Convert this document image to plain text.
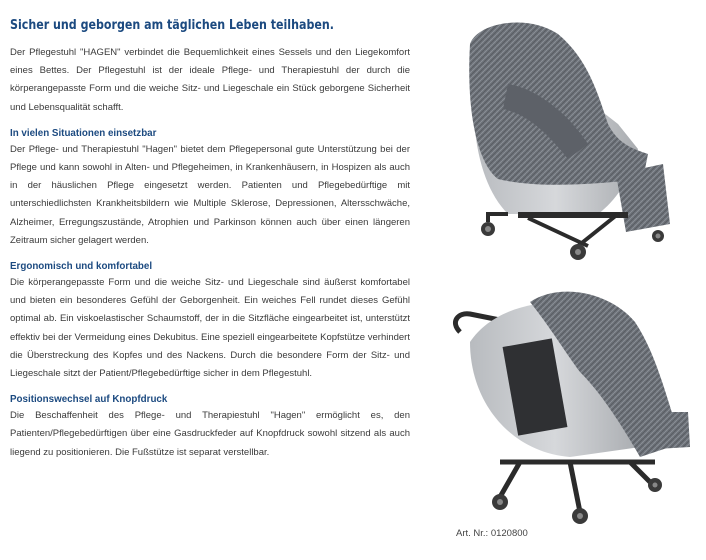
Sicher und geborgen am täglichen Leben teilhaben.

Der Pflegestuhl "HAGEN" verbindet die Bequemlichkeit eines Sessels und den Liegekomfort eines Bettes. Der Pflegestuhl ist der ideale Pflege- und Therapiestuhl der durch die körperangepasste Form und die weiche Sitz- und Liegeschale ein Stück geborgene Sicherheit und Lebensqualität schafft.

In vielen Situationen einsetzbar

Der Pflege- und Therapiestuhl "Hagen" bietet dem Pflegepersonal gute Unterstützung bei der Pflege und kann sowohl in Alten- und Pflegeheimen, in Krankenhäusern, in Hospizen als auch in der häuslichen Pflege eingesetzt werden. Patienten und Pflegebedürftige mit unterschiedlichsten Krankheitsbildern wie Multiple Sklerose, Depressionen, Altersschwäche, Alzheimer, Erregungszustände, Atrophien und Parkinson können auch über einen längeren Zeitraum sicher gelagert werden.

Ergonomisch und komfortabel

Die körperangepasste Form und die weiche Sitz- und Liegeschale sind äußerst komfortabel und bieten ein besonderes Gefühl der Geborgenheit. Ein weiches Fell rundet dieses Gefühl optimal ab. Ein viskoelastischer Schaumstoff, der in die Sitzfläche eingearbeitet ist, unterstützt effektiv bei der Vermeidung eines Dekubitus. Eine speziell eingearbeitete Kopfstütze verhindert die Überstreckung des Kopfes und des Nackens. Durch die besondere Form der Sitz- und Liegeschale sitzt der Patient/Pflegebedürftige sicher in dem Pflegestuhl.

Positionswechsel auf Knopfdruck

Die Beschaffenheit des Pflege- und Therapiestuhl "Hagen" ermöglicht es, den Patienten/Pflegebedürftigen über eine Gasdruckfeder auf Knopfdruck sowohl sitzend als auch liegend zu positionieren. Die Fußstütze ist separat verstellbar.

Art. Nr.: 0120800
